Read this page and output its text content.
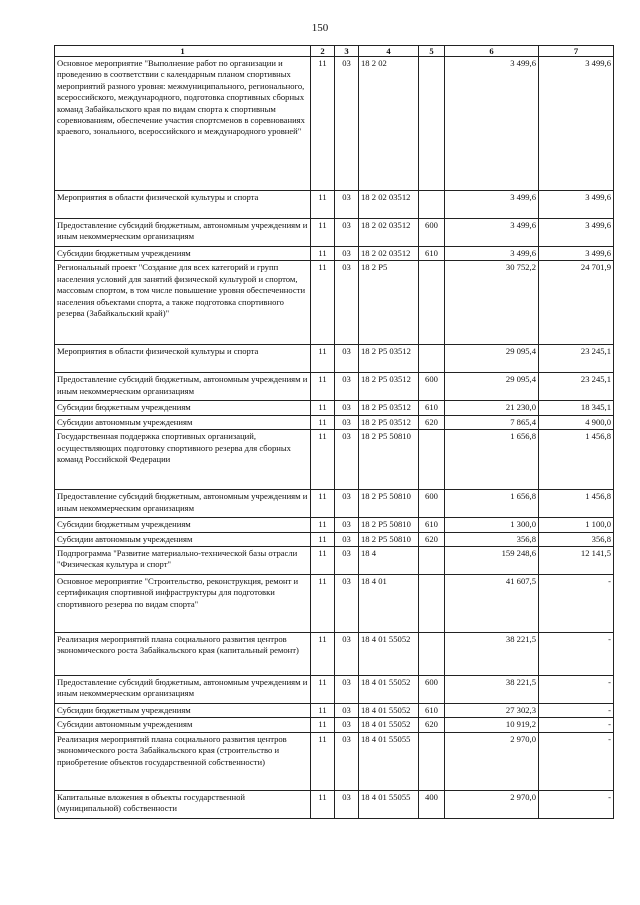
150
1	2	3	4	5	6	7
Основное мероприятие "Выполнение работ по организации и проведению в соответствии с календарным планом спортивных мероприятий разного уровня: межмуниципального, регионального, всероссийского, международного, подготовка спортивных сборных команд Забайкальского края по видам спорта к спортивным соревнованиям, обеспечение участия спортсменов в соревнованиях краевого, зонального, всероссийского и международного уровней"	11	03	18 2 02		3 499,6	3 499,6
Мероприятия в области физической культуры и спорта	11	03	18 2 02 03512		3 499,6	3 499,6
Предоставление субсидий бюджетным, автономным учреждениям и иным некоммерческим организациям	11	03	18 2 02 03512	600	3 499,6	3 499,6
Субсидии бюджетным учреждениям	11	03	18 2 02 03512	610	3 499,6	3 499,6
Региональный проект "Создание для всех категорий и групп населения условий для занятий физической культурой и спортом, массовым спортом, в том числе повышение уровня обеспеченности населения объектами спорта, а также подготовка спортивного резерва (Забайкальский край)"	11	03	18 2 P5		30 752,2	24 701,9
Мероприятия в области физической культуры и спорта	11	03	18 2 P5 03512		29 095,4	23 245,1
Предоставление субсидий бюджетным, автономным учреждениям и иным некоммерческим организациям	11	03	18 2 P5 03512	600	29 095,4	23 245,1
Субсидии бюджетным учреждениям	11	03	18 2 P5 03512	610	21 230,0	18 345,1
Субсидии автономным учреждениям	11	03	18 2 P5 03512	620	7 865,4	4 900,0
Государственная поддержка спортивных организаций, осуществляющих подготовку спортивного резерва для сборных команд Российской Федерации	11	03	18 2 P5 50810		1 656,8	1 456,8
Предоставление субсидий бюджетным, автономным учреждениям и иным некоммерческим организациям	11	03	18 2 P5 50810	600	1 656,8	1 456,8
Субсидии бюджетным учреждениям	11	03	18 2 P5 50810	610	1 300,0	1 100,0
Субсидии автономным учреждениям	11	03	18 2 P5 50810	620	356,8	356,8
Подпрограмма "Развитие материально-технической базы отрасли "Физическая культура и спорт"	11	03	18 4		159 248,6	12 141,5
Основное мероприятие "Строительство, реконструкция, ремонт и сертификация спортивной инфраструктуры для подготовки спортивного резерва по видам спорта"	11	03	18 4 01		41 607,5	-
Реализация мероприятий плана социального развития центров экономического роста Забайкальского края (капитальный ремонт)	11	03	18 4 01 55052		38 221,5	-
Предоставление субсидий бюджетным, автономным учреждениям и иным некоммерческим организациям	11	03	18 4 01 55052	600	38 221,5	-
Субсидии бюджетным учреждениям	11	03	18 4 01 55052	610	27 302,3	-
Субсидии автономным учреждениям	11	03	18 4 01 55052	620	10 919,2	-
Реализация мероприятий плана социального развития центров экономического роста Забайкальского края (строительство и приобретение объектов государственной собственности)	11	03	18 4 01 55055		2 970,0	-
Капитальные вложения в объекты государственной (муниципальной) собственности	11	03	18 4 01 55055	400	2 970,0	-
